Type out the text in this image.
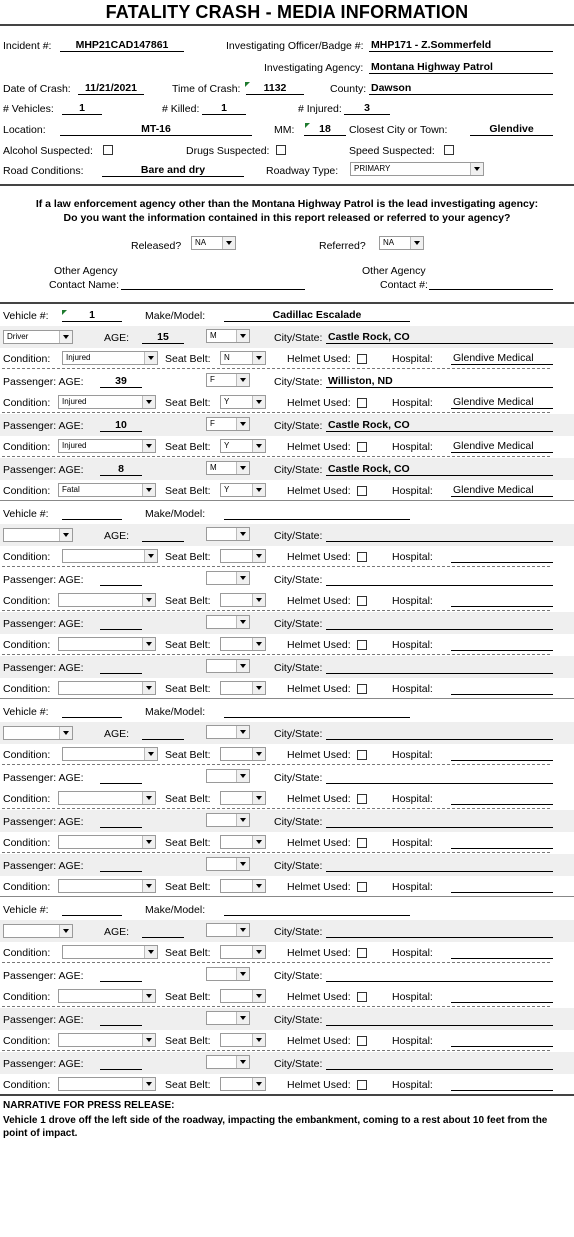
FATALITY CRASH - MEDIA INFORMATION
Incident #:	MHP21CAD147861	Investigating Officer/Badge #: MHP171 - Z.Sommerfeld
Investigating Agency: Montana Highway Patrol
Date of Crash:	11/21/2021	Time of Crash:	1132	County: Dawson
# Vehicles:	1	# Killed:	1	# Injured:	3
Location:	MT-16	MM:	18	Closest City or Town:	Glendive
Alcohol Suspected:	Drugs Suspected:	Speed Suspected:
Road Conditions:	Bare and dry	Roadway Type:	PRIMARY
If a law enforcement agency other than the Montana Highway Patrol is the lead investigating agency:
Do you want the information contained in this report released or referred to your agency?
Released?	NA	Referred?	NA
Other Agency
Contact Name:
Other Agency
Contact #:
Vehicle #:	1	Make/Model:	Cadillac Escalade
Driver	AGE:	15	M	City/State: Castle Rock, CO
Condition:	Injured	Seat Belt:	N	Helmet Used:	Hospital: Glendive Medical
Passenger: AGE:	39	F	City/State: Williston, ND
Condition:	Injured	Seat Belt:	Y	Helmet Used:	Hospital: Glendive Medical
Passenger: AGE:	10	F	City/State: Castle Rock, CO
Condition:	Injured	Seat Belt:	Y	Helmet Used:	Hospital: Glendive Medical
Passenger: AGE:	8	M	City/State: Castle Rock, CO
Condition:	Fatal	Seat Belt:	Y	Helmet Used:	Hospital: Glendive Medical
Vehicle #:	Make/Model:
AGE:	City/State:
Condition:	Seat Belt:	Helmet Used:	Hospital:
Passenger: AGE:	City/State:
Condition:	Seat Belt:	Helmet Used:	Hospital:
Passenger: AGE:	City/State:
Condition:	Seat Belt:	Helmet Used:	Hospital:
Passenger: AGE:	City/State:
Condition:	Seat Belt:	Helmet Used:	Hospital:
Vehicle #:	Make/Model:
AGE:	City/State:
Condition:	Seat Belt:	Helmet Used:	Hospital:
Passenger: AGE:	City/State:
Condition:	Seat Belt:	Helmet Used:	Hospital:
Passenger: AGE:	City/State:
Condition:	Seat Belt:	Helmet Used:	Hospital:
Passenger: AGE:	City/State:
Condition:	Seat Belt:	Helmet Used:	Hospital:
Vehicle #:	Make/Model:
AGE:	City/State:
Condition:	Seat Belt:	Helmet Used:	Hospital:
Passenger: AGE:	City/State:
Condition:	Seat Belt:	Helmet Used:	Hospital:
Passenger: AGE:	City/State:
Condition:	Seat Belt:	Helmet Used:	Hospital:
Passenger: AGE:	City/State:
Condition:	Seat Belt:	Helmet Used:	Hospital:
NARRATIVE FOR PRESS RELEASE:
Vehicle 1 drove off the left side of the roadway, impacting the embankment, coming to a rest about 10 feet from the point of impact.
